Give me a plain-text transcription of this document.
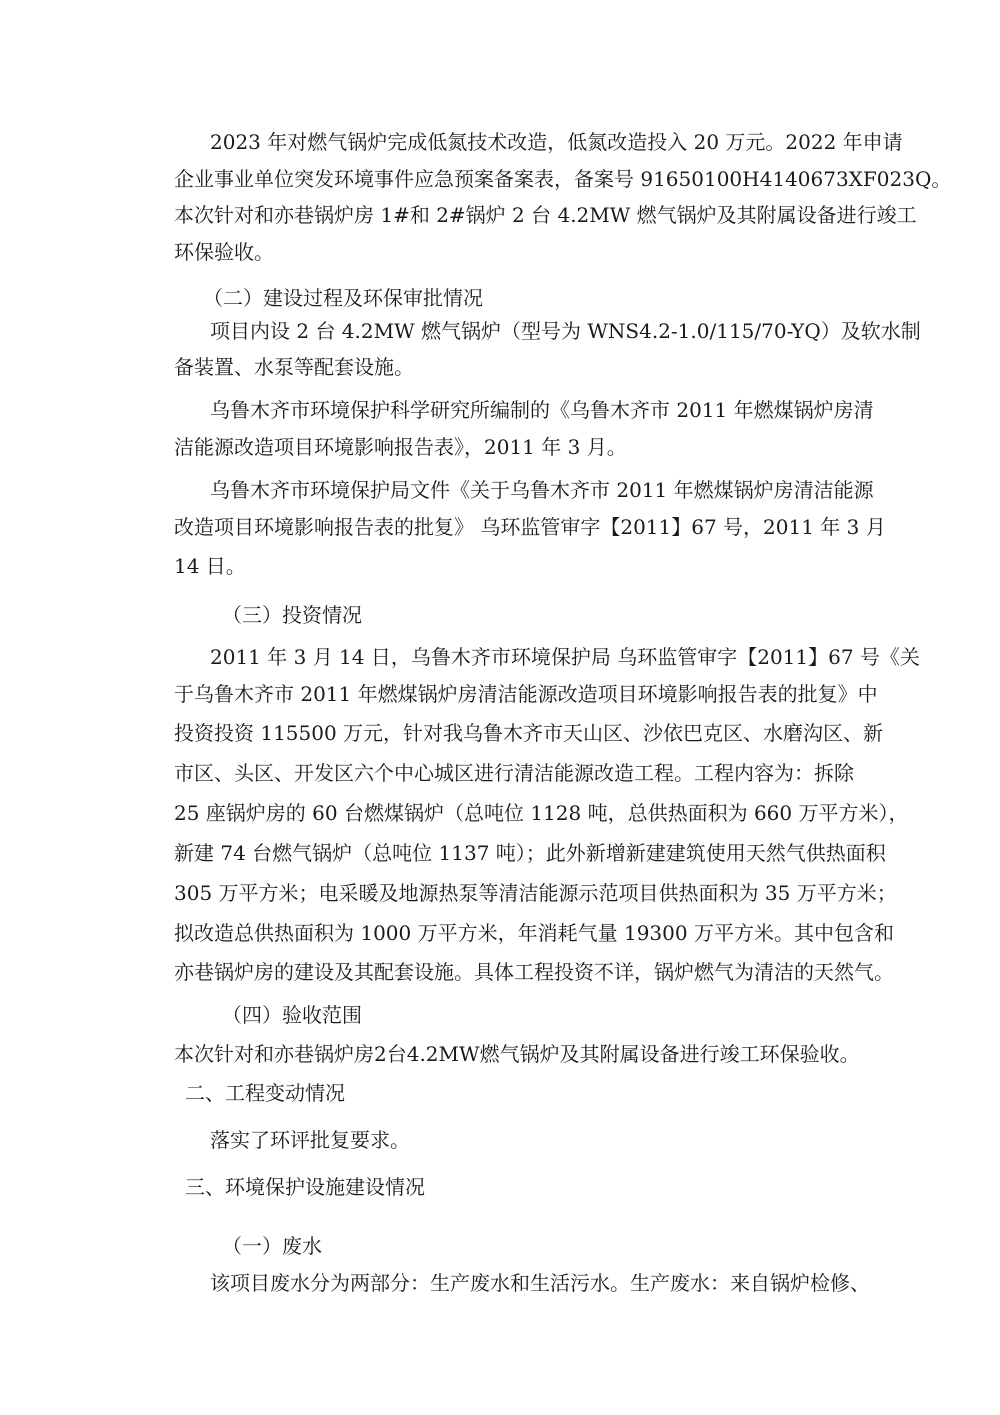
2023 年对燃气锅炉完成低氮技术改造，低氮改造投入 20 万元。2022 年申请
企业事业单位突发环境事件应急预案备案表，备案号 91650100H4140673XF023Q。
本次针对和亦巷锅炉房 1#和 2#锅炉 2 台 4.2MW 燃气锅炉及其附属设备进行竣工
环保验收。
（二）建设过程及环保审批情况
项目内设 2 台 4.2MW 燃气锅炉（型号为 WNS4.2-1.0/115/70-YQ）及软水制
备装置、水泵等配套设施。
乌鲁木齐市环境保护科学研究所编制的《乌鲁木齐市 2011 年燃煤锅炉房清
洁能源改造项目环境影响报告表》，2011 年 3 月。
乌鲁木齐市环境保护局文件《关于乌鲁木齐市 2011 年燃煤锅炉房清洁能源
改造项目环境影响报告表的批复》 乌环监管审字【2011】67 号，2011 年 3 月
14 日。
（三）投资情况
2011 年 3 月 14 日，乌鲁木齐市环境保护局 乌环监管审字【2011】67 号《关
于乌鲁木齐市 2011 年燃煤锅炉房清洁能源改造项目环境影响报告表的批复》中
投资投资 115500 万元，针对我乌鲁木齐市天山区、沙依巴克区、水磨沟区、新
市区、头区、开发区六个中心城区进行清洁能源改造工程。工程内容为：拆除
25 座锅炉房的 60 台燃煤锅炉（总吨位 1128 吨，总供热面积为 660 万平方米），
新建 74 台燃气锅炉（总吨位 1137 吨）；此外新增新建建筑使用天然气供热面积
305 万平方米；电采暖及地源热泵等清洁能源示范项目供热面积为 35 万平方米；
拟改造总供热面积为 1000 万平方米，年消耗气量 19300 万平方米。其中包含和
亦巷锅炉房的建设及其配套设施。具体工程投资不详，锅炉燃气为清洁的天然气。
（四）验收范围
本次针对和亦巷锅炉房2台4.2MW燃气锅炉及其附属设备进行竣工环保验收。
二、工程变动情况
落实了环评批复要求。
三、环境保护设施建设情况
（一）废水
该项目废水分为两部分：生产废水和生活污水。生产废水：来自锅炉检修、
